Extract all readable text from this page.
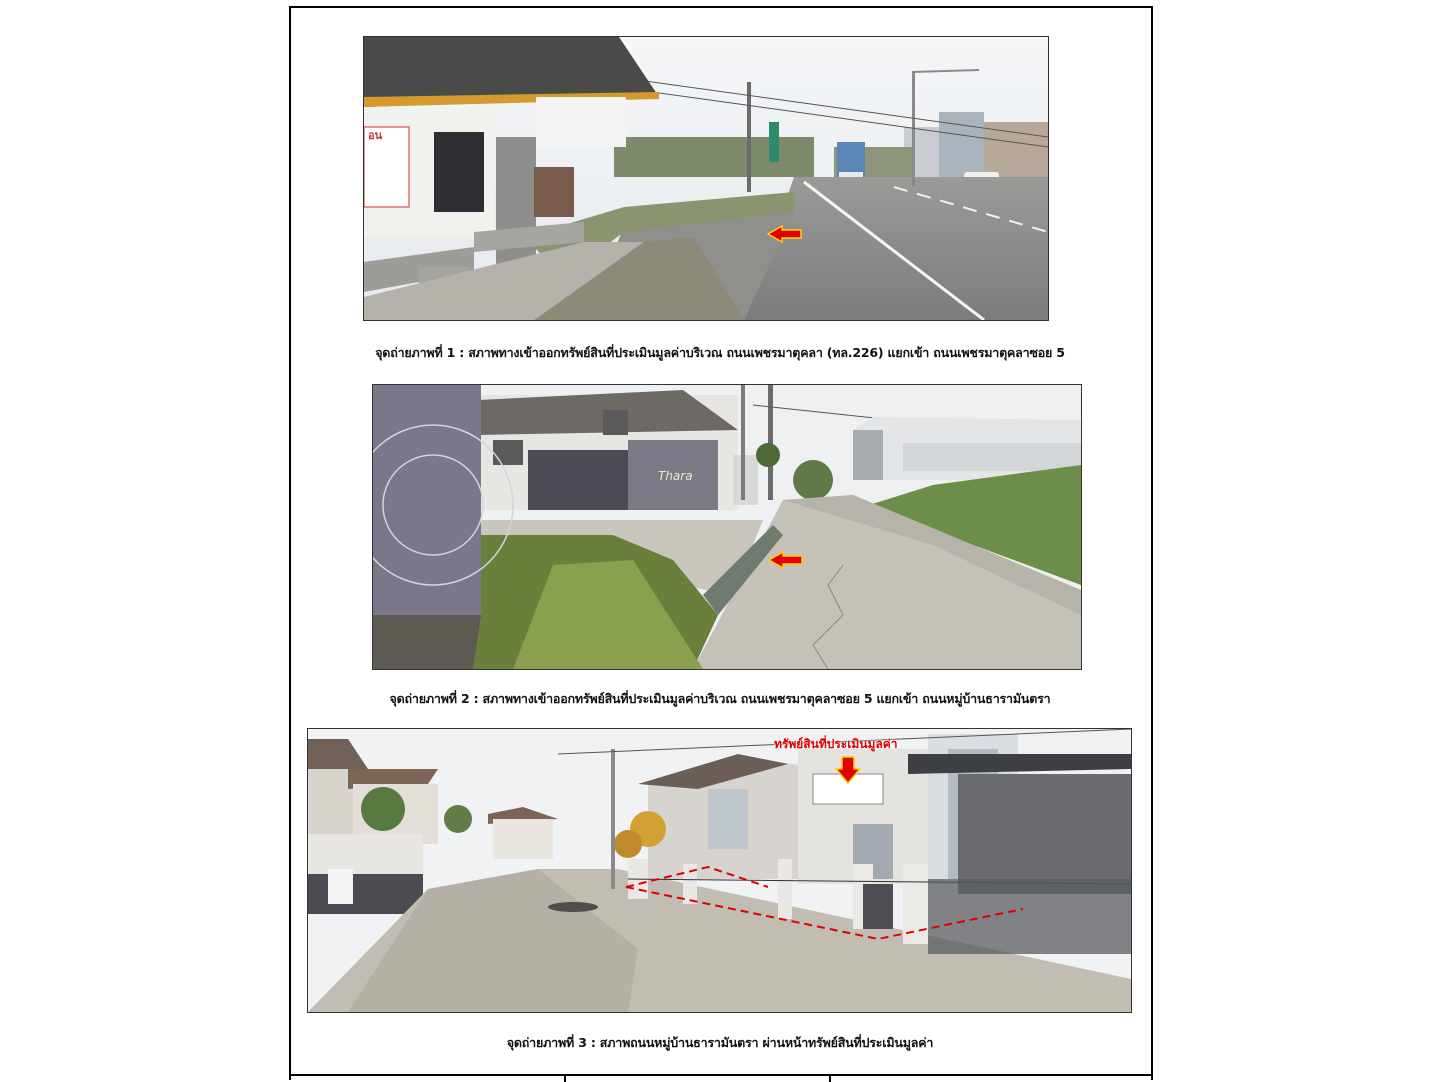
อน
จุดถ่ายภาพที่ 1 : สภาพทางเข้าออกทรัพย์สินที่ประเมินมูลค่าบริเวณ ถนนเพชรมาตุคลา (ทล.226) แยกเข้า ถนนเพชรมาตุคลาซอย 5
Thara
จุดถ่ายภาพที่ 2 : สภาพทางเข้าออกทรัพย์สินที่ประเมินมูลค่าบริเวณ ถนนเพชรมาตุคลาซอย 5 แยกเข้า ถนนหมู่บ้านธารามันตรา
ทรัพย์สินที่ประเมินมูลค่า
จุดถ่ายภาพที่ 3 : สภาพถนนหมู่บ้านธารามันตรา ผ่านหน้าทรัพย์สินที่ประเมินมูลค่า
